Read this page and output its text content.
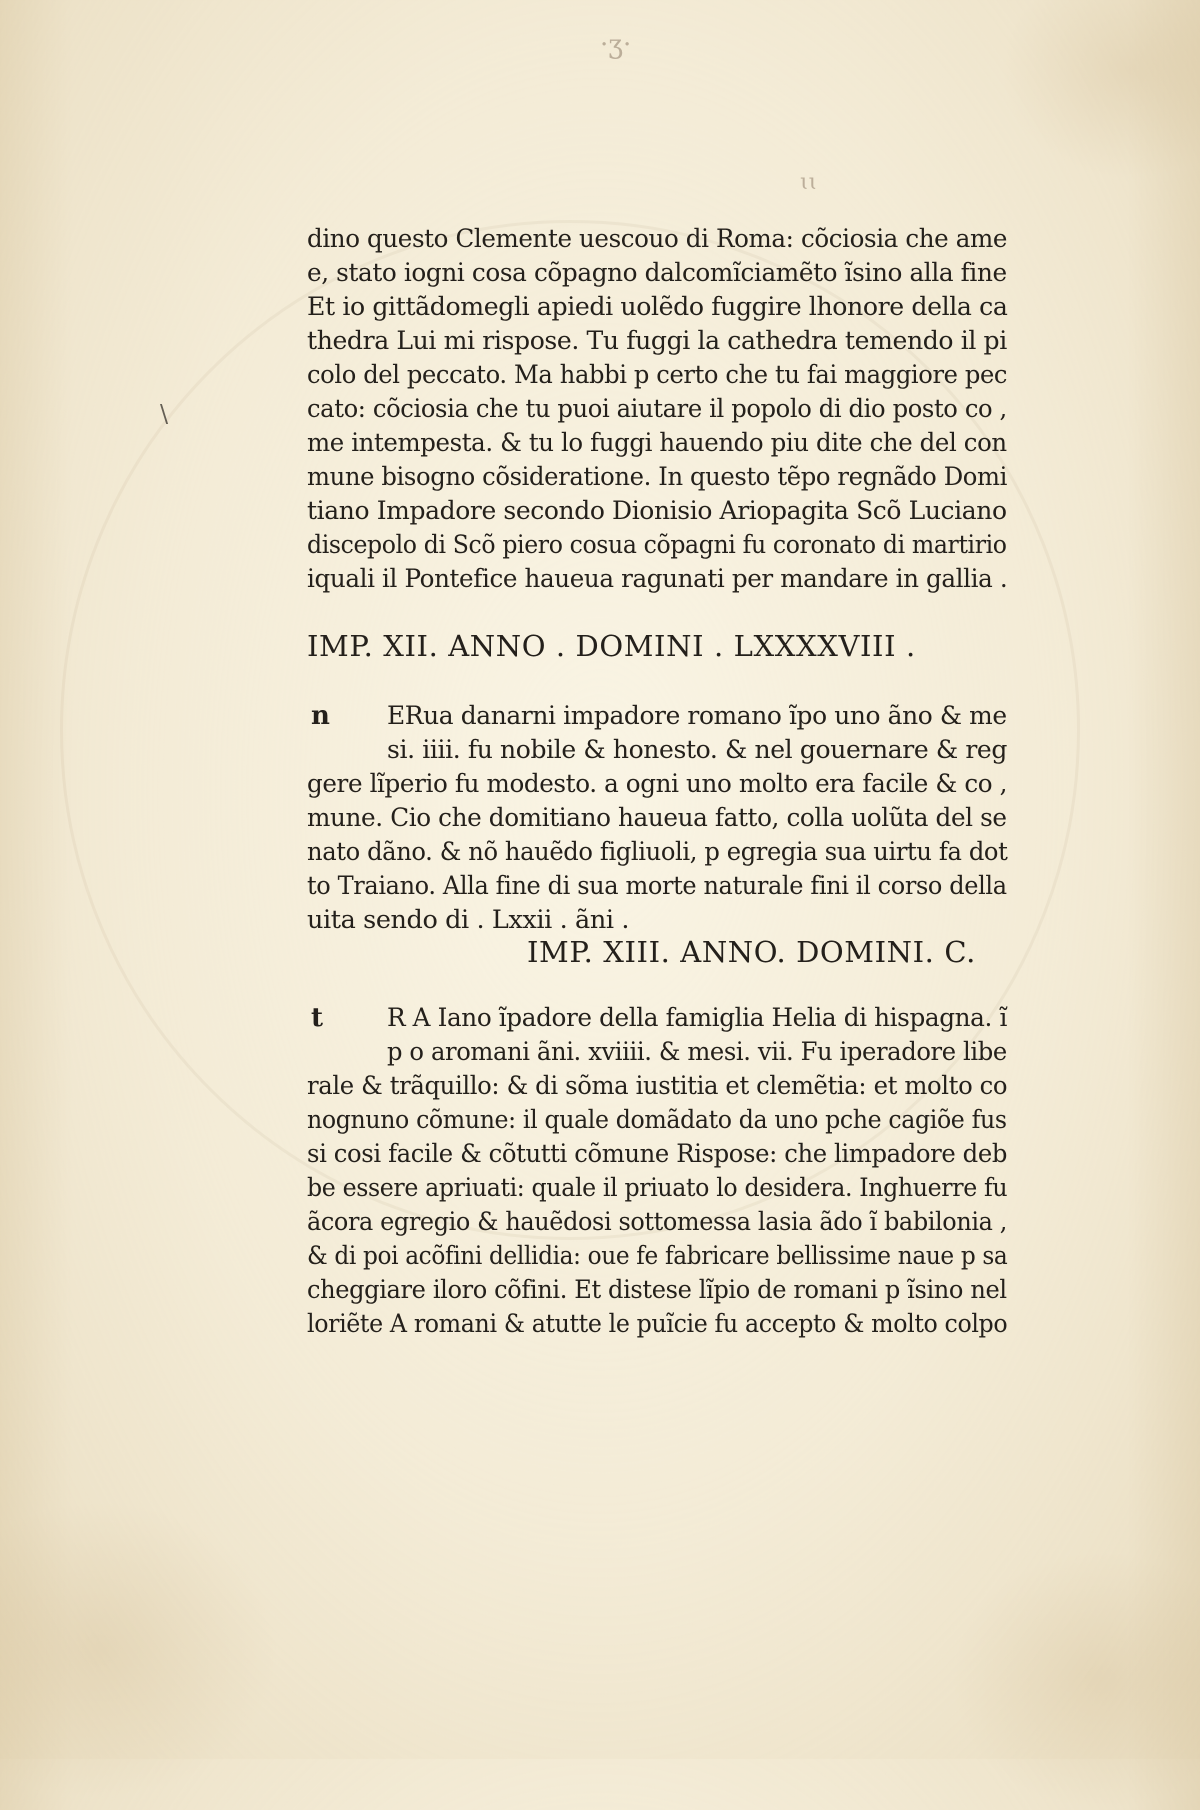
·ʒ·
ɩɩ
\
dino questo Clemente uescouo di Roma: cõciosia che ame
e, stato iogni cosa cõpagno dalcomĩciamẽto ĩsino alla fine
Et io gittãdomegli apiedi uolẽdo fuggire lhonore della ca
thedra Lui mi rispose. Tu fuggi la cathedra temendo il pi
colo del peccato. Ma habbi p certo che tu fai maggiore pec
cato: cõciosia che tu puoi aiutare il popolo di dio posto co ,
me intempesta. & tu lo fuggi hauendo piu dite che del con
mune bisogno cõsideratione. In questo tẽpo regnãdo Domi
tiano Impadore secondo Dionisio Ariopagita Scõ Luciano
discepolo di Scõ piero cosua cõpagni fu coronato di martirio
iquali il Pontefice haueua ragunati per mandare in gallia .
IMP. XII. ANNO . DOMINI . LXXXXVIII .
n ERua danarni impadore romano ĩpo uno ãno & me
si. iiii. fu nobile & honesto. & nel gouernare & reg
gere lĩperio fu modesto. a ogni uno molto era facile & co ,
mune. Cio che domitiano haueua fatto, colla uolũta del se
nato dãno. & nõ hauẽdo figliuoli, p egregia sua uirtu fa dot
to Traiano. Alla fine di sua morte naturale fini il corso della
uita sendo di . Lxxii . ãni .
IMP. XIII. ANNO. DOMINI. C.
t	R A Iano ĩpadore della famiglia Helia di hispagna. ĩ
p o aromani ãni. xviiii. & mesi. vii. Fu iperadore libe
rale & trãquillo: & di sõma iustitia et clemẽtia: et molto co
nognuno cõmune: il quale domãdato da uno pche cagiõe fus
si cosi facile & cõtutti cõmune Rispose: che limpadore deb
be essere apriuati: quale il priuato lo desidera. Inghuerre fu
ãcora egregio & hauẽdosi sottomessa lasia ãdo ĩ babilonia ,
& di poi acõfini dellidia: oue fe fabricare bellissime naue p sa
cheggiare iloro cõfini. Et distese lĩpio de romani p ĩsino nel
loriẽte A romani & atutte le puĩcie fu accepto & molto colpo
